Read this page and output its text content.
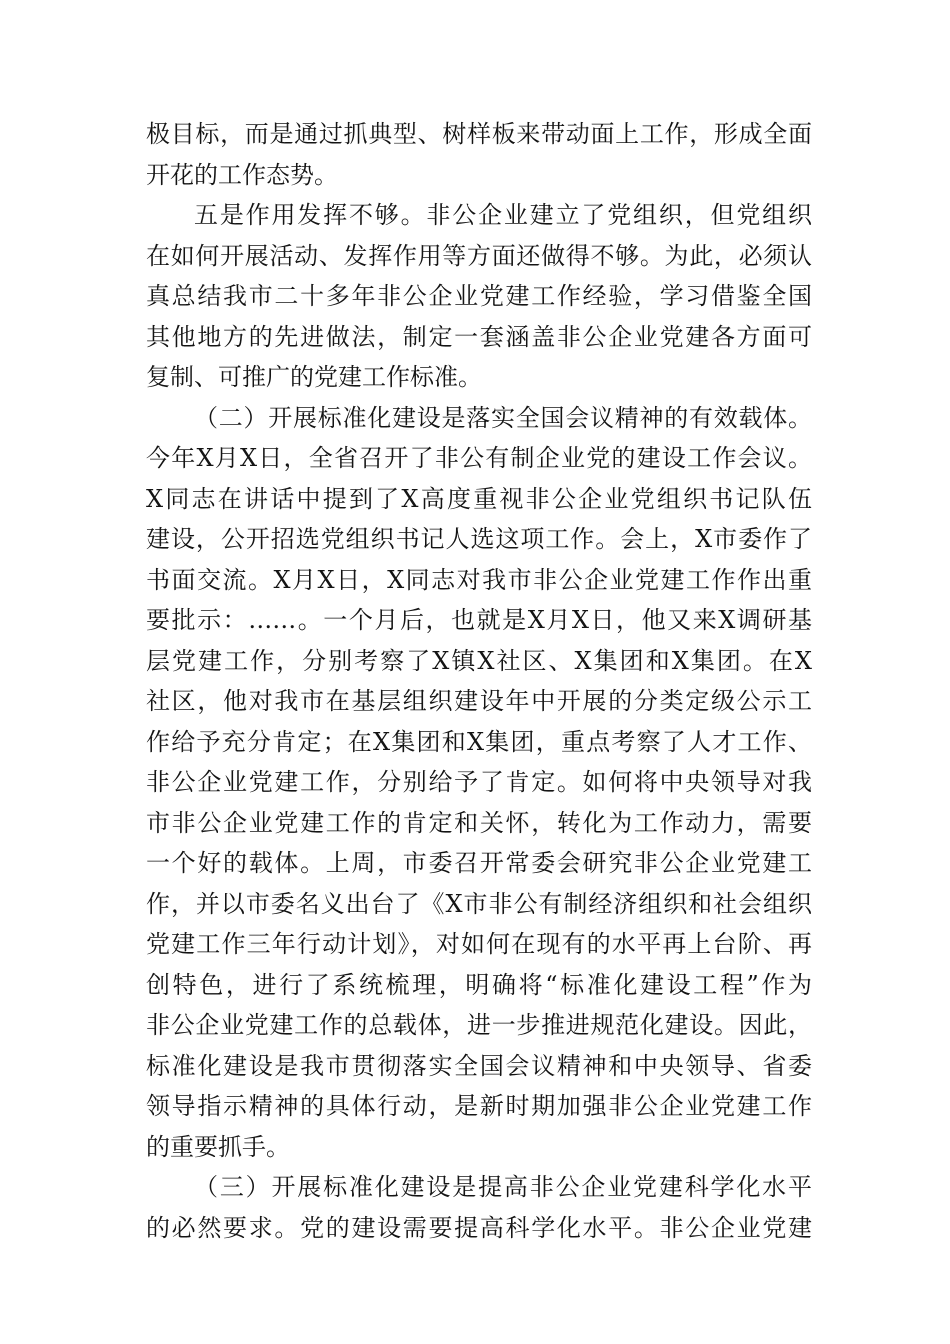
极目标，而是通过抓典型、树样板来带动面上工作，形成全面
开花的工作态势。
五是作用发挥不够。非公企业建立了党组织，但党组织
在如何开展活动、发挥作用等方面还做得不够。为此，必须认
真总结我市二十多年非公企业党建工作经验，学习借鉴全国
其他地方的先进做法，制定一套涵盖非公企业党建各方面可
复制、可推广的党建工作标准。
（二）开展标准化建设是落实全国会议精神的有效载体。
今年X月X日，全省召开了非公有制企业党的建设工作会议。
X同志在讲话中提到了X高度重视非公企业党组织书记队伍
建设，公开招选党组织书记人选这项工作。会上，X市委作了
书面交流。X月X日，X同志对我市非公企业党建工作作出重
要批示：……。一个月后，也就是X月X日，他又来X调研基
层党建工作，分别考察了X镇X社区、X集团和X集团。在X
社区，他对我市在基层组织建设年中开展的分类定级公示工
作给予充分肯定；在X集团和X集团，重点考察了人才工作、
非公企业党建工作，分别给予了肯定。如何将中央领导对我
市非公企业党建工作的肯定和关怀，转化为工作动力，需要
一个好的载体。上周，市委召开常委会研究非公企业党建工
作，并以市委名义出台了《X市非公有制经济组织和社会组织
党建工作三年行动计划》，对如何在现有的水平再上台阶、再
创特色，进行了系统梳理，明确将“标准化建设工程”作为
非公企业党建工作的总载体，进一步推进规范化建设。因此，
标准化建设是我市贯彻落实全国会议精神和中央领导、省委
领导指示精神的具体行动，是新时期加强非公企业党建工作
的重要抓手。
（三）开展标准化建设是提高非公企业党建科学化水平
的必然要求。党的建设需要提高科学化水平。非公企业党建
